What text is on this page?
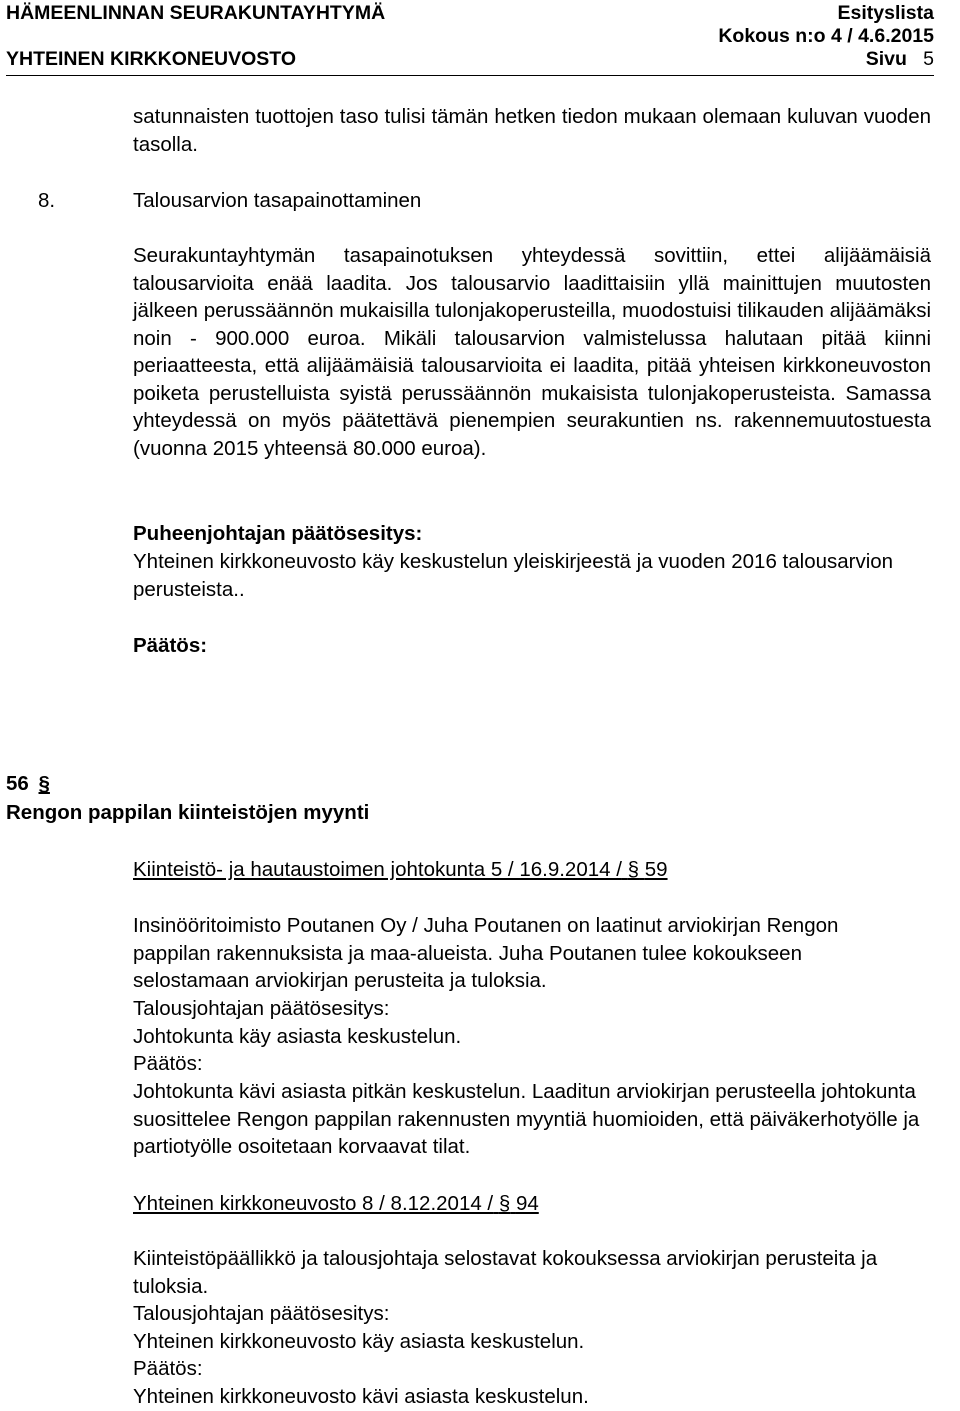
HÄMEENLINNAN SEURAKUNTAYHTYMÄ	Esityslista
Kokous n:o 4 / 4.6.2015
YHTEINEN KIRKKONEUVOSTO	Sivu 5

satunnaisten tuottojen taso tulisi tämän hetken tiedon mukaan olemaan kuluvan vuoden tasolla.

8.	Talousarvion tasapainottaminen

Seurakuntayhtymän tasapainotuksen yhteydessä sovittiin, ettei alijäämäisiä talousarvioita enää laadita. Jos talousarvio laadittaisiin yllä mainittujen muutosten jälkeen perussäännön mukaisilla tulonjakoperusteilla, muodostuisi tilikauden alijäämäksi noin - 900.000 euroa. Mikäli talousarvion valmistelussa halutaan pitää kiinni periaatteesta, että alijäämäisiä talousarvioita ei laadita, pitää yhteisen kirkkoneuvoston poiketa perustelluista syistä perussäännön mukaisista tulonjakoperusteista. Samassa yhteydessä on myös päätettävä pienempien seurakuntien ns. rakennemuutostuesta (vuonna 2015 yhteensä 80.000 euroa).

Puheenjohtajan päätösesitys:

Yhteinen kirkkoneuvosto käy keskustelun yleiskirjeestä ja vuoden 2016 talousarvion perusteista..

Päätös:

56 §
Rengon pappilan kiinteistöjen myynti

Kiinteistö- ja hautaustoimen johtokunta 5 / 16.9.2014 / § 59

Insinööritoimisto Poutanen Oy / Juha Poutanen on laatinut arviokirjan Rengon pappilan rakennuksista ja maa-alueista. Juha Poutanen tulee kokoukseen selostamaan arviokirjan perusteita ja tuloksia.

Talousjohtajan päätösesitys:

Johtokunta käy asiasta keskustelun.

Päätös:

Johtokunta kävi asiasta pitkän keskustelun. Laaditun arviokirjan perusteella johtokunta suosittelee Rengon pappilan rakennusten myyntiä huomioiden, että päiväkerhotyölle ja partiotyölle osoitetaan korvaavat tilat.

Yhteinen kirkkoneuvosto 8 / 8.12.2014 / § 94

Kiinteistöpäällikkö ja talousjohtaja selostavat kokouksessa arviokirjan perusteita ja tuloksia.

Talousjohtajan päätösesitys:

Yhteinen kirkkoneuvosto käy asiasta keskustelun.

Päätös:

Yhteinen kirkkoneuvosto kävi asiasta keskustelun.
